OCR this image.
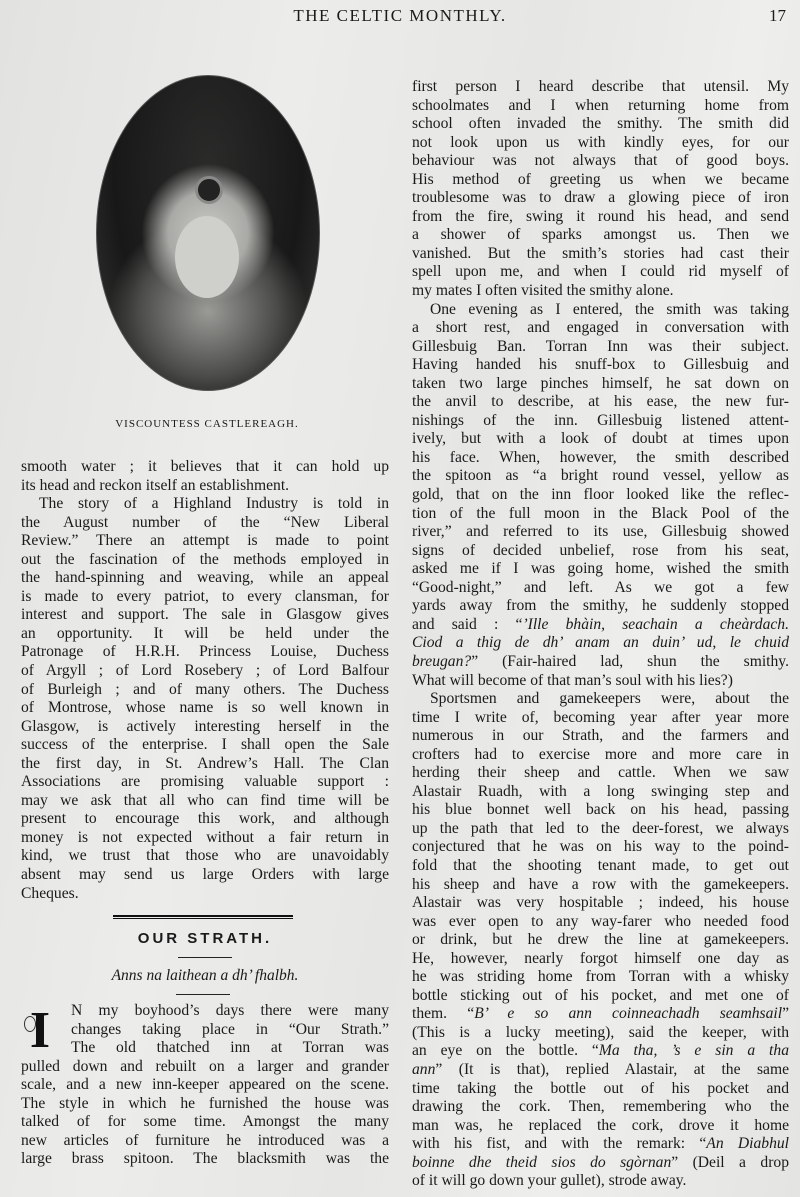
THE CELTIC MONTHLY.	17
VISCOUNTESS CASTLEREAGH.
smooth water ; it believes that it can hold up
its head and reckon itself an establishment.
The story of a Highland Industry is told in
the August number of the “New Liberal
Review.” There an attempt is made to point
out the fascination of the methods employed in
the hand-spinning and weaving, while an appeal
is made to every patriot, to every clansman, for
interest and support. The sale in Glasgow gives
an opportunity. It will be held under the
Patronage of H.R.H. Princess Louise, Duchess
of Argyll ; of Lord Rosebery ; of Lord Balfour
of Burleigh ; and of many others. The Duchess
of Montrose, whose name is so well known in
Glasgow, is actively interesting herself in the
success of the enterprise. I shall open the Sale
the first day, in St. Andrew’s Hall. The Clan
Associations are promising valuable support :
may we ask that all who can find time will be
present to encourage this work, and although
money is not expected without a fair return in
kind, we trust that those who are unavoidably
absent may send us large Orders with large
Cheques.
OUR STRATH.
Anns na laithean a dh’ fhalbh.
I	N my boyhood’s days there were many
changes taking place in “Our Strath.”
The old thatched inn at Torran was
pulled down and rebuilt on a larger and grander
scale, and a new inn-keeper appeared on the scene.
The style in which he furnished the house was
talked of for some time. Amongst the many
new articles of furniture he introduced was a
large brass spitoon. The blacksmith was the
first person I heard describe that utensil. My
schoolmates and I when returning home from
school often invaded the smithy. The smith did
not look upon us with kindly eyes, for our
behaviour was not always that of good boys.
His method of greeting us when we became
troublesome was to draw a glowing piece of iron
from the fire, swing it round his head, and send
a shower of sparks amongst us. Then we
vanished. But the smith’s stories had cast their
spell upon me, and when I could rid myself of
my mates I often visited the smithy alone.
One evening as I entered, the smith was taking
a short rest, and engaged in conversation with
Gillesbuig Ban. Torran Inn was their subject.
Having handed his snuff-box to Gillesbuig and
taken two large pinches himself, he sat down on
the anvil to describe, at his ease, the new fur-
nishings of the inn. Gillesbuig listened attent-
ively, but with a look of doubt at times upon
his face. When, however, the smith described
the spitoon as “a bright round vessel, yellow as
gold, that on the inn floor looked like the reflec-
tion of the full moon in the Black Pool of the
river,” and referred to its use, Gillesbuig showed
signs of decided unbelief, rose from his seat,
asked me if I was going home, wished the smith
“Good-night,” and left. As we got a few
yards away from the smithy, he suddenly stopped
and said : “’Ille bhàin, seachain a cheàrdach.
Ciod a thig de dh’ anam an duin’ ud, le chuid
breugan?” (Fair-haired lad, shun the smithy.
What will become of that man’s soul with his lies?)
Sportsmen and gamekeepers were, about the
time I write of, becoming year after year more
numerous in our Strath, and the farmers and
crofters had to exercise more and more care in
herding their sheep and cattle. When we saw
Alastair Ruadh, with a long swinging step and
his blue bonnet well back on his head, passing
up the path that led to the deer-forest, we always
conjectured that he was on his way to the poind-
fold that the shooting tenant made, to get out
his sheep and have a row with the gamekeepers.
Alastair was very hospitable ; indeed, his house
was ever open to any way-farer who needed food
or drink, but he drew the line at gamekeepers.
He, however, nearly forgot himself one day as
he was striding home from Torran with a whisky
bottle sticking out of his pocket, and met one of
them. “B’ e so ann coinneachadh seamhsail”
(This is a lucky meeting), said the keeper, with
an eye on the bottle. “Ma tha, ’s e sin a tha
ann” (It is that), replied Alastair, at the same
time taking the bottle out of his pocket and
drawing the cork. Then, remembering who the
man was, he replaced the cork, drove it home
with his fist, and with the remark: “An Diabhul
boinne dhe theid sios do sgòrnan” (Deil a drop
of it will go down your gullet), strode away.
